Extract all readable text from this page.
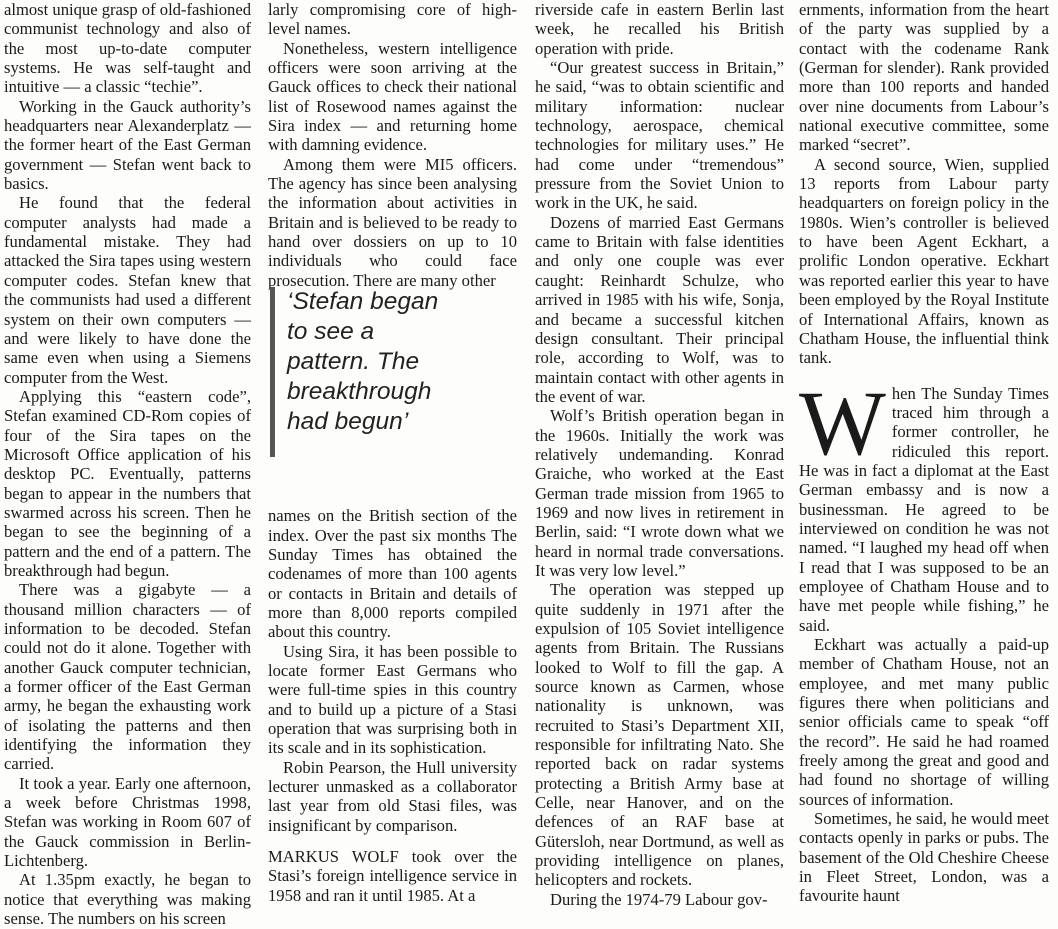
almost unique grasp of old-fashioned communist technology and also of the most up-to-date computer systems. He was self-taught and intuitive — a classic “techie”.

Working in the Gauck authority’s headquarters near Alexanderplatz — the former heart of the East German government — Stefan went back to basics.

He found that the federal computer analysts had made a fundamental mistake. They had attacked the Sira tapes using western computer codes. Stefan knew that the communists had used a different system on their own computers — and were likely to have done the same even when using a Siemens computer from the West.

Applying this “eastern code”, Stefan examined CD-Rom copies of four of the Sira tapes on the Microsoft Office application of his desktop PC. Eventually, patterns began to appear in the numbers that swarmed across his screen. Then he began to see the beginning of a pattern and the end of a pattern. The breakthrough had begun.

There was a gigabyte — a thousand million characters — of information to be decoded. Stefan could not do it alone. Together with another Gauck computer technician, a former officer of the East German army, he began the exhausting work of isolating the patterns and then identifying the information they carried.

It took a year. Early one afternoon, a week before Christmas 1998, Stefan was working in Room 607 of the Gauck commission in Berlin-Lichtenberg.

At 1.35pm exactly, he began to notice that everything was making sense. The numbers on his screen

larly compromising core of high-level names.

Nonetheless, western intelligence officers were soon arriving at the Gauck offices to check their national list of Rosewood names against the Sira index — and returning home with damning evidence.

Among them were MI5 officers. The agency has since been analysing the information about activities in Britain and is believed to be ready to hand over dossiers on up to 10 individuals who could face prosecution. There are many other

names on the British section of the index. Over the past six months The Sunday Times has obtained the codenames of more than 100 agents or contacts in Britain and details of more than 8,000 reports compiled about this country.

Using Sira, it has been possible to locate former East Germans who were full-time spies in this country and to build up a picture of a Stasi operation that was surprising both in its scale and in its sophistication.

Robin Pearson, the Hull university lecturer unmasked as a collaborator last year from old Stasi files, was insignificant by comparison.

MARKUS WOLF took over the Stasi’s foreign intelligence service in 1958 and ran it until 1985. At a

‘Stefan began
to see a
pattern. The
breakthrough
had begun’

riverside cafe in eastern Berlin last week, he recalled his British operation with pride.

“Our greatest success in Britain,” he said, “was to obtain scientific and military information: nuclear technology, aerospace, chemical technologies for military uses.” He had come under “tremendous” pressure from the Soviet Union to work in the UK, he said.

Dozens of married East Germans came to Britain with false identities and only one couple was ever caught: Reinhardt Schulze, who arrived in 1985 with his wife, Sonja, and became a successful kitchen design consultant. Their principal role, according to Wolf, was to maintain contact with other agents in the event of war.

Wolf’s British operation began in the 1960s. Initially the work was relatively undemanding. Konrad Graiche, who worked at the East German trade mission from 1965 to 1969 and now lives in retirement in Berlin, said: “I wrote down what we heard in normal trade conversations. It was very low level.”

The operation was stepped up quite suddenly in 1971 after the expulsion of 105 Soviet intelligence agents from Britain. The Russians looked to Wolf to fill the gap. A source known as Carmen, whose nationality is unknown, was recruited to Stasi’s Department XII, responsible for infiltrating Nato. She reported back on radar systems protecting a British Army base at Celle, near Hanover, and on the defences of an RAF base at Gütersloh, near Dortmund, as well as providing intelligence on planes, helicopters and rockets.

During the 1974-79 Labour gov-

ernments, information from the heart of the party was supplied by a contact with the codename Rank (German for slender). Rank provided more than 100 reports and handed over nine documents from Labour’s national executive committee, some marked “secret”.

A second source, Wien, supplied 13 reports from Labour party headquarters on foreign policy in the 1980s. Wien’s controller is believed to have been Agent Eckhart, a prolific London operative. Eckhart was reported earlier this year to have been employed by the Royal Institute of International Affairs, known as Chatham House, the influential think tank.

When The Sunday Times traced him through a former controller, he ridiculed this report. He was in fact a diplomat at the East German embassy and is now a businessman. He agreed to be interviewed on condition he was not named. “I laughed my head off when I read that I was supposed to be an employee of Chatham House and to have met people while fishing,” he said.

Eckhart was actually a paid-up member of Chatham House, not an employee, and met many public figures there when politicians and senior officials came to speak “off the record”. He said he had roamed freely among the great and good and had found no shortage of willing sources of information.

Sometimes, he said, he would meet contacts openly in parks or pubs. The basement of the Old Cheshire Cheese in Fleet Street, London, was a favourite haunt
